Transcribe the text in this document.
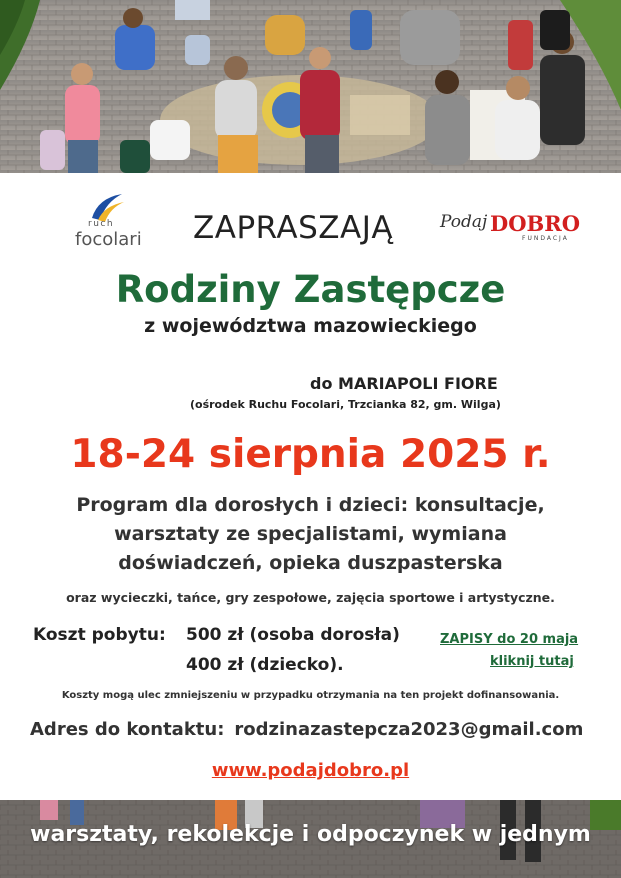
ruch
focolari ZAPRASZAJĄ	Podaj DOBRO
FUNDACJA
Rodziny Zastępcze
z województwa mazowieckiego
do MARIAPOLI FIORE
(ośrodek Ruchu Focolari, Trzcianka 82, gm. Wilga)
18-24 sierpnia 2025 r.
Program dla dorosłych i dzieci: konsultacje,
warsztaty ze specjalistami, wymiana
doświadczeń, opieka duszpasterska
oraz wycieczki, tańce, gry zespołowe, zajęcia sportowe i artystyczne.
Koszt pobytu: 500 zł (osoba dorosła)
400 zł (dziecko).
ZAPISY do 20 maja
kliknij tutaj
Koszty mogą ulec zmniejszeniu w przypadku otrzymania na ten projekt dofinansowania.
Adres do kontaktu: rodzinazastepcza2023@gmail.com
www.podajdobro.pl
warsztaty, rekolekcje i odpoczynek w jednym
